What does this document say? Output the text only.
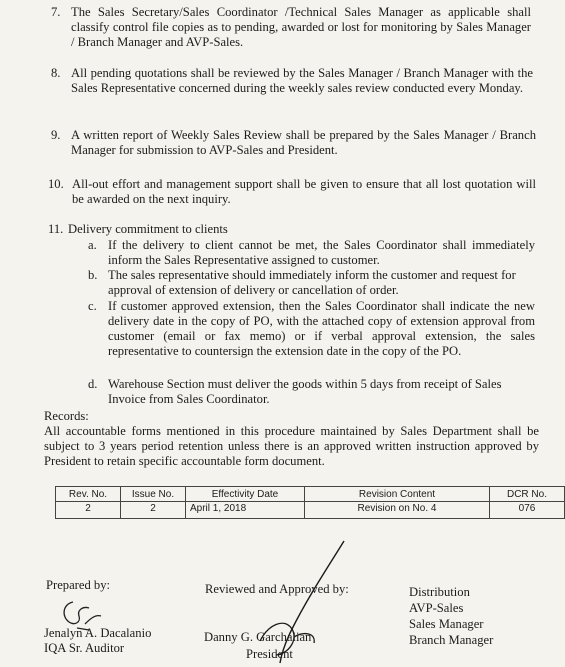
7. The Sales Secretary/Sales Coordinator /Technical Sales Manager as applicable shall classify control file copies as to pending, awarded or lost for monitoring by Sales Manager / Branch Manager and AVP-Sales.
8. All pending quotations shall be reviewed by the Sales Manager / Branch Manager with the Sales Representative concerned during the weekly sales review conducted every Monday.
9. A written report of Weekly Sales Review shall be prepared by the Sales Manager / Branch Manager for submission to AVP-Sales and President.
10. All-out effort and management support shall be given to ensure that all lost quotation will be awarded on the next inquiry.
11. Delivery commitment to clients
a. If the delivery to client cannot be met, the Sales Coordinator shall immediately inform the Sales Representative assigned to customer.
b. The sales representative should immediately inform the customer and request for approval of extension of delivery or cancellation of order.
c. If customer approved extension, then the Sales Coordinator shall indicate the new delivery date in the copy of PO, with the attached copy of extension approval from customer (email or fax memo) or if verbal approval extension, the sales representative to countersign the extension date in the copy of the PO.
d. Warehouse Section must deliver the goods within 5 days from receipt of Sales Invoice from Sales Coordinator.
Records:
All accountable forms mentioned in this procedure maintained by Sales Department shall be subject to 3 years period retention unless there is an approved written instruction approved by President to retain specific accountable form document.
Rev. No.	Issue No.	Effectivity Date	Revision Content	DCR No.
2	2	April 1, 2018	Revision on No. 4	076
Prepared by:
Jenalyn A. Dacalanio
IQA Sr. Auditor
Reviewed and Approved by:
Danny G. Garchalian
President
Distribution
AVP-Sales
Sales Manager
Branch Manager
